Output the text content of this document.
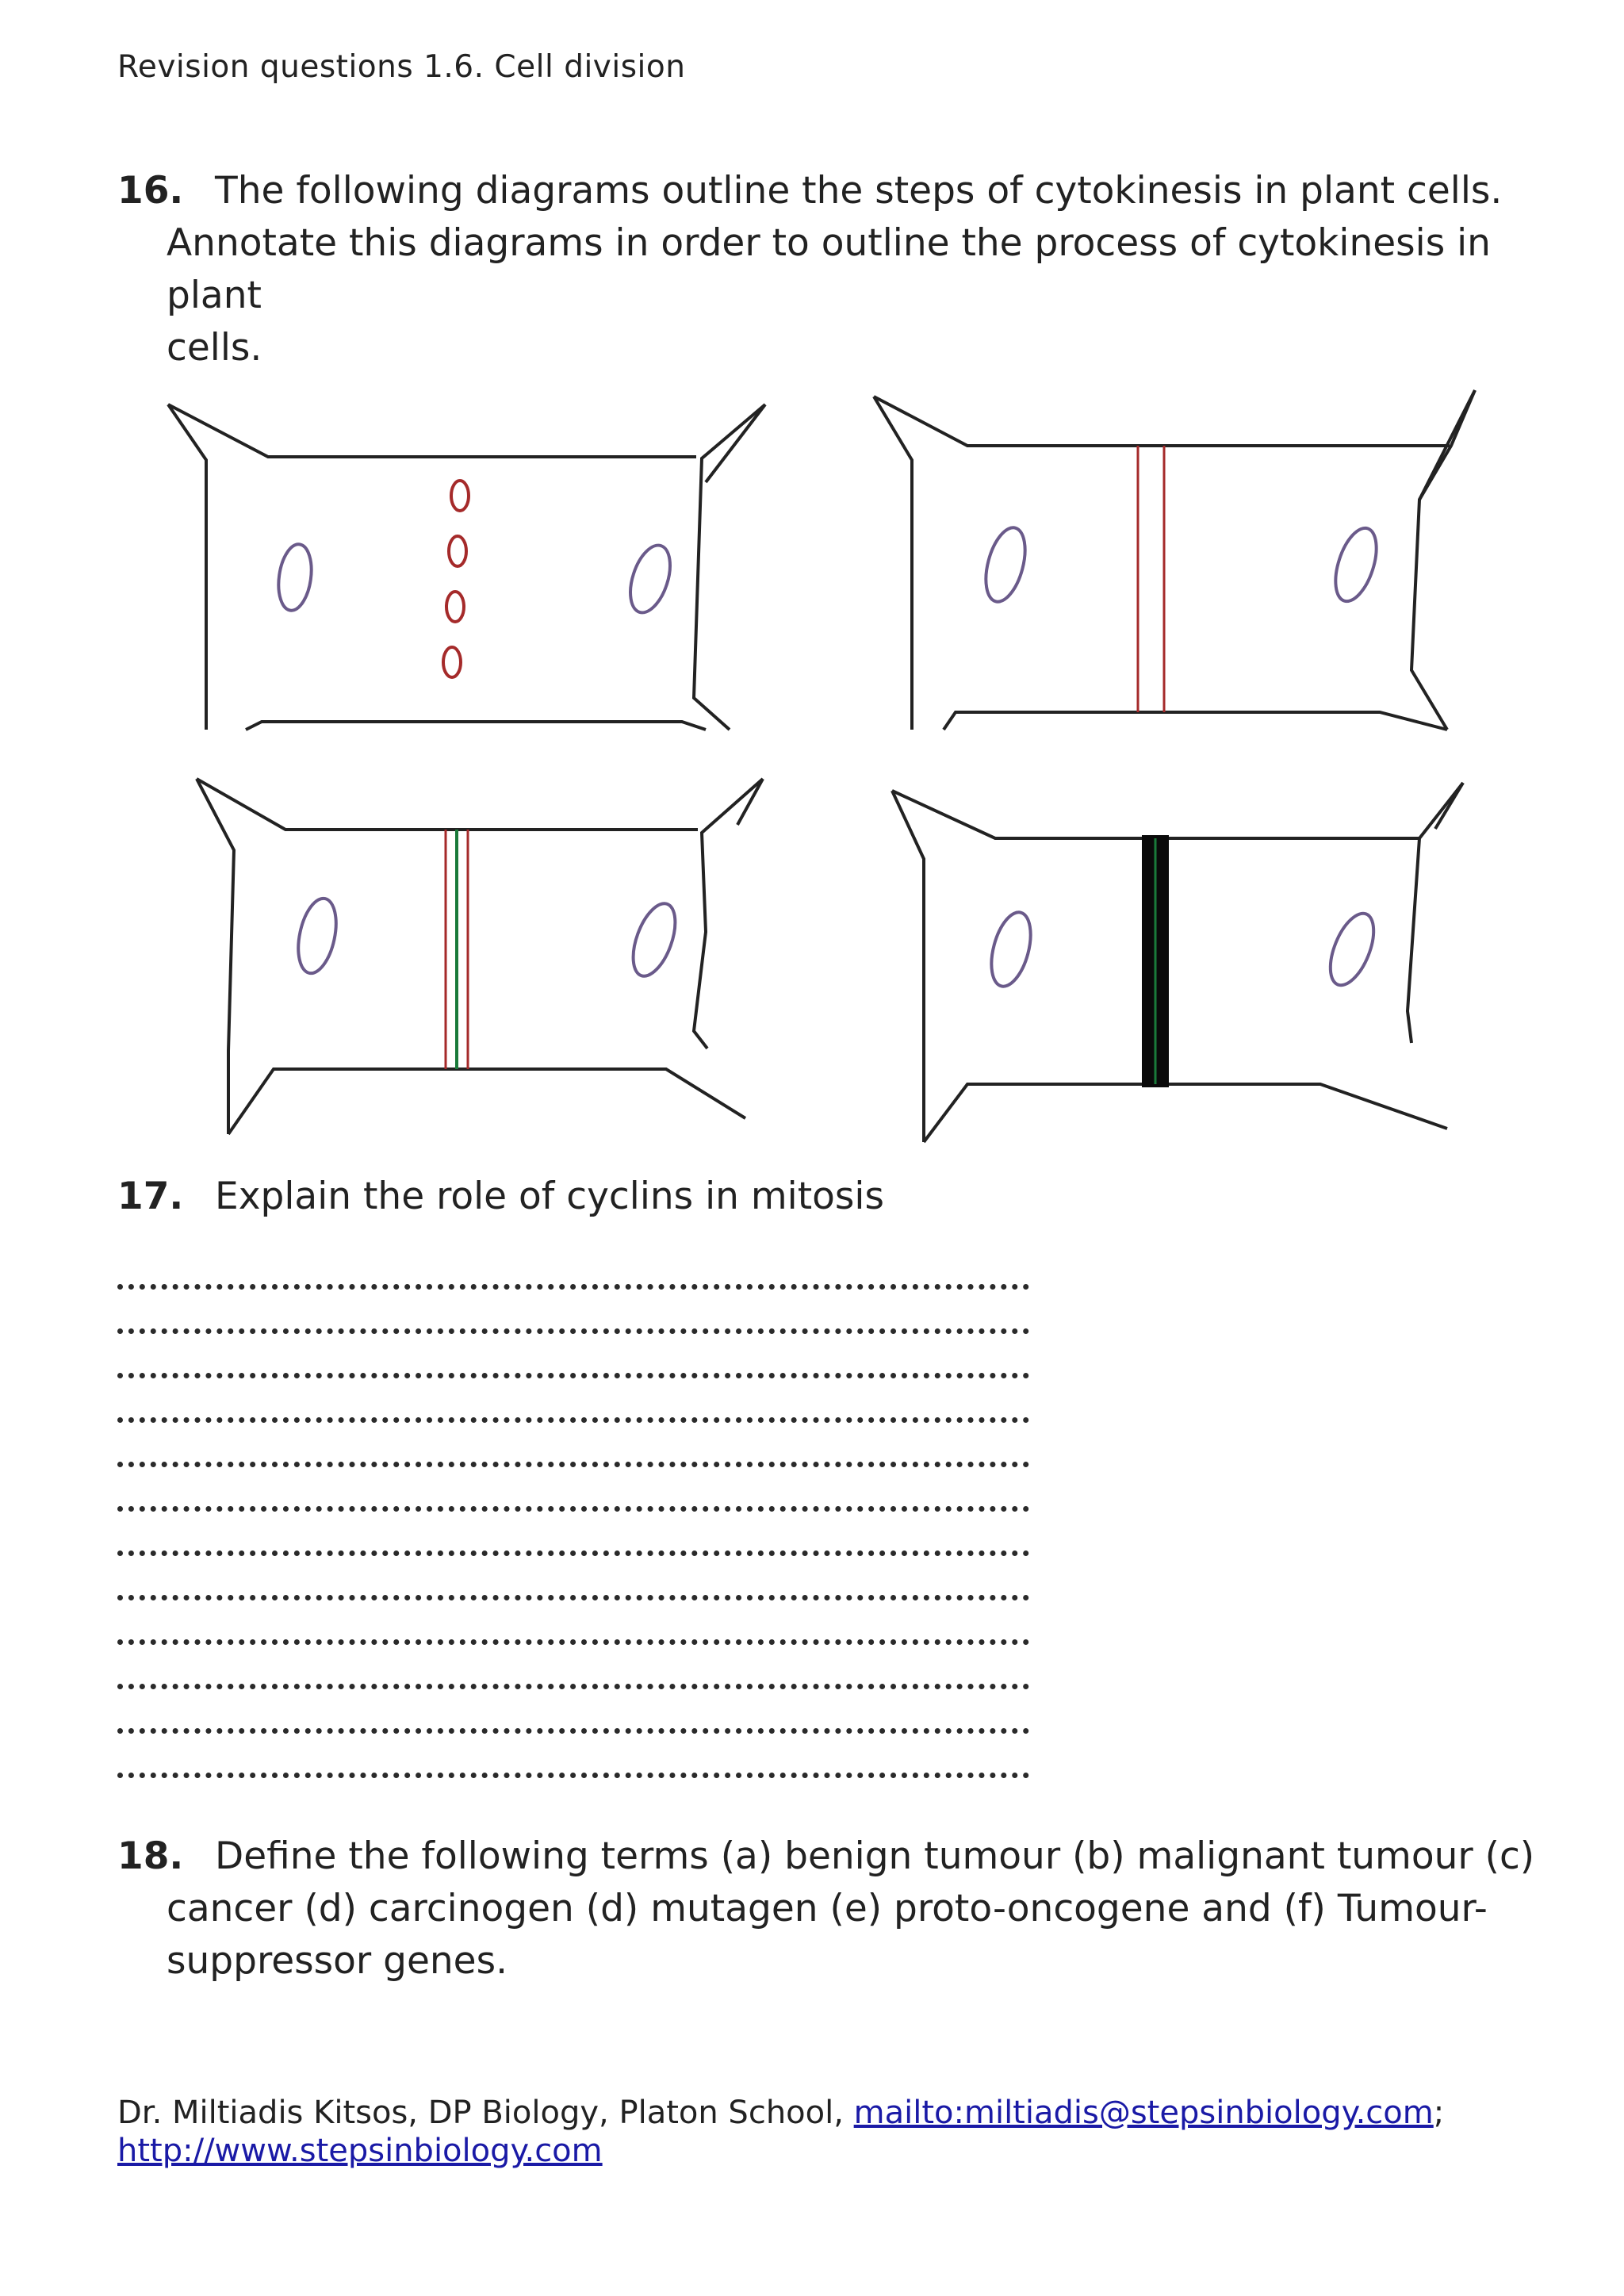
Revision questions 1.6. Cell division
16. The following diagrams outline the steps of cytokinesis in plant cells.
Annotate this diagrams in order to outline the process of cytokinesis in plant
cells.
17. Explain the role of cyclins in mitosis
18. Define the following terms (a) benign tumour (b) malignant tumour (c)
cancer (d) carcinogen (d) mutagen (e) proto-oncogene and (f) Tumour-
suppressor genes.
Dr. Miltiadis Kitsos, DP Biology, Platon School, mailto:miltiadis@stepsinbiology.com;
http://www.stepsinbiology.com
